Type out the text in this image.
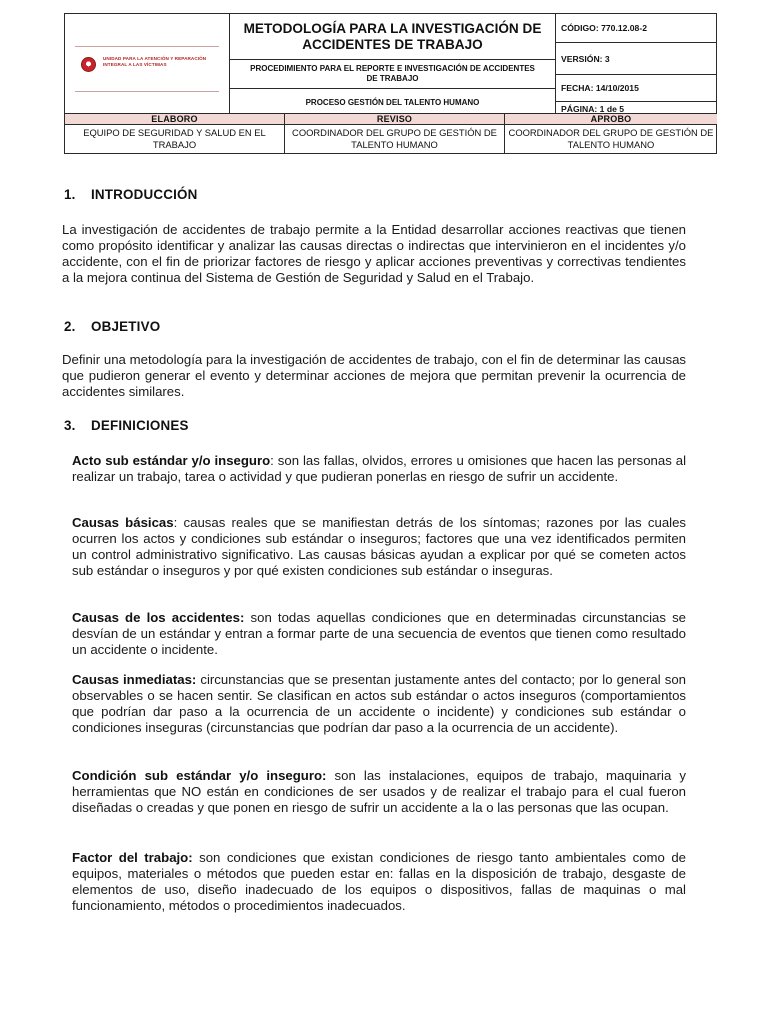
UNIDAD PARA LA ATENCIÓN Y REPARACIÓN INTEGRAL A LAS VÍCTIMAS
METODOLOGÍA PARA LA INVESTIGACIÓN DE ACCIDENTES DE TRABAJO
PROCEDIMIENTO PARA EL REPORTE E INVESTIGACIÓN DE ACCIDENTES DE TRABAJO
PROCESO GESTIÓN DEL TALENTO HUMANO
CÓDIGO: 770.12.08-2
VERSIÓN: 3
FECHA: 14/10/2015
PÁGINA: 1 de 5
ELABORO
EQUIPO DE SEGURIDAD Y SALUD EN EL TRABAJO
REVISO
COORDINADOR DEL GRUPO DE GESTIÓN DE TALENTO HUMANO
APROBO
COORDINADOR DEL GRUPO DE GESTIÓN DE TALENTO HUMANO
1. INTRODUCCIÓN
La investigación de accidentes de trabajo permite a la Entidad desarrollar acciones reactivas que tienen como propósito identificar y analizar las causas directas o indirectas que intervinieron en el incidentes y/o accidente, con el fin de priorizar factores de riesgo y aplicar acciones preventivas y correctivas tendientes a la mejora continua del Sistema de Gestión de Seguridad y Salud en el Trabajo.
2. OBJETIVO
Definir una metodología para la investigación de accidentes de trabajo, con el fin de determinar las causas que pudieron generar el evento y determinar acciones de mejora que permitan prevenir la ocurrencia de accidentes similares.
3. DEFINICIONES
Acto sub estándar y/o inseguro: son las fallas, olvidos, errores u omisiones que hacen las personas al realizar un trabajo, tarea o actividad y que pudieran ponerlas en riesgo de sufrir un accidente.
Causas básicas: causas reales que se manifiestan detrás de los síntomas; razones por las cuales ocurren los actos y condiciones sub estándar o inseguros; factores que una vez identificados permiten un control administrativo significativo. Las causas básicas ayudan a explicar por qué se cometen actos sub estándar o inseguros y por qué existen condiciones sub estándar o inseguras.
Causas de los accidentes: son todas aquellas condiciones que en determinadas circunstancias se desvían de un estándar y entran a formar parte de una secuencia de eventos que tienen como resultado un accidente o incidente.
Causas inmediatas: circunstancias que se presentan justamente antes del contacto; por lo general son observables o se hacen sentir. Se clasifican en actos sub estándar o actos inseguros (comportamientos que podrían dar paso a la ocurrencia de un accidente o incidente) y condiciones sub estándar o condiciones inseguras (circunstancias que podrían dar paso a la ocurrencia de un accidente).
Condición sub estándar y/o inseguro: son las instalaciones, equipos de trabajo, maquinaria y herramientas que NO están en condiciones de ser usados y de realizar el trabajo para el cual fueron diseñadas o creadas y que ponen en riesgo de sufrir un accidente a la o las personas que las ocupan.
Factor del trabajo: son condiciones que existan condiciones de riesgo tanto ambientales como de equipos, materiales o métodos que pueden estar en: fallas en la disposición de trabajo, desgaste de elementos de uso, diseño inadecuado de los equipos o dispositivos, fallas de maquinas o mal funcionamiento, métodos o procedimientos inadecuados.
